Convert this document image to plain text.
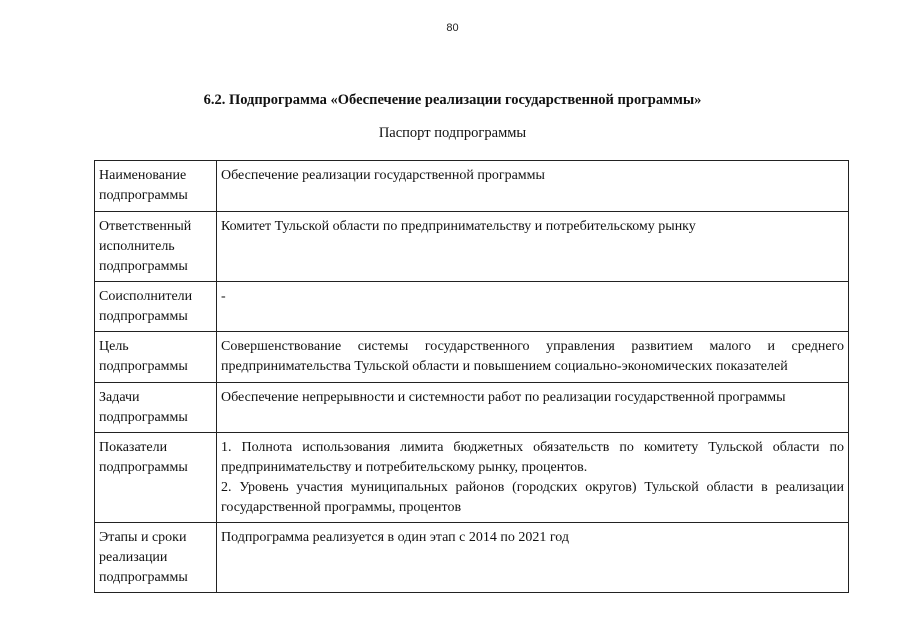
80
6.2. Подпрограмма «Обеспечение реализации государственной программы»

Паспорт подпрограммы

Наименование подпрограммы	Обеспечение реализации государственной программы
Ответственный исполнитель подпрограммы	Комитет Тульской области по предпринимательству и потребительскому рынку
Соисполнители подпрограммы	-
Цель подпрограммы	Совершенствование системы государственного управления развитием малого и среднего предпринимательства Тульской области и повышением социально-экономических показателей
Задачи подпрограммы	Обеспечение непрерывности и системности работ по реализации государственной программы
Показатели подпрограммы	1. Полнота использования лимита бюджетных обязательств по комитету Тульской области по предпринимательству и потребительскому рынку, процентов.
2. Уровень участия муниципальных районов (городских округов) Тульской области в реализации государственной программы, процентов

Этапы и сроки реализации подпрограммы	Подпрограмма реализуется в один этап с 2014 по 2021 год
